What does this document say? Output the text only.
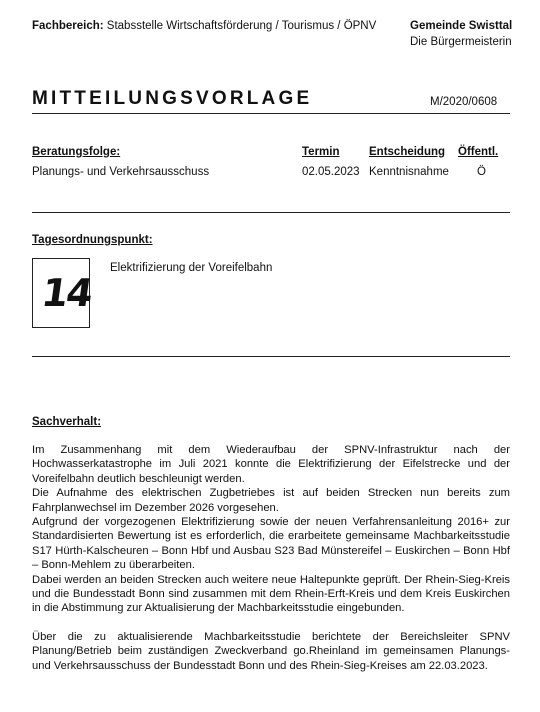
Fachbereich: Stabsstelle Wirtschaftsförderung / Tourismus / ÖPNV	Gemeinde Swisttal
Die Bürgermeisterin
MITTEILUNGSVORLAGE	M/2020/0608
Beratungsfolge:	Termin	Entscheidung Öffentl.
Planungs- und Verkehrsausschuss	02.05.2023 Kenntnisnahme Ö
Tagesordnungspunkt:
14
Elektrifizierung der Voreifelbahn
Sachverhalt:

Im Zusammenhang mit dem Wiederaufbau der SPNV-Infrastruktur nach der Hochwasserkatastrophe im Juli 2021 konnte die Elektrifizierung der Eifelstrecke und der Voreifelbahn deutlich beschleunigt werden.

Die Aufnahme des elektrischen Zugbetriebes ist auf beiden Strecken nun bereits zum Fahrplanwechsel im Dezember 2026 vorgesehen.

Aufgrund der vorgezogenen Elektrifizierung sowie der neuen Verfahrensanleitung 2016+ zur Standardisierten Bewertung ist es erforderlich, die erarbeitete gemeinsame Machbarkeitsstudie S17 Hürth-Kalscheuren – Bonn Hbf und Ausbau S23 Bad Münstereifel – Euskirchen – Bonn Hbf – Bonn-Mehlem zu überarbeiten.

Dabei werden an beiden Strecken auch weitere neue Haltepunkte geprüft. Der Rhein-Sieg-Kreis und die Bundesstadt Bonn sind zusammen mit dem Rhein-Erft-Kreis und dem Kreis Euskirchen in die Abstimmung zur Aktualisierung der Machbarkeitsstudie eingebunden.

Über die zu aktualisierende Machbarkeitsstudie berichtete der Bereichsleiter SPNV Planung/Betrieb beim zuständigen Zweckverband go.Rheinland im gemeinsamen Planungs- und Verkehrsausschuss der Bundesstadt Bonn und des Rhein-Sieg-Kreises am 22.03.2023.
